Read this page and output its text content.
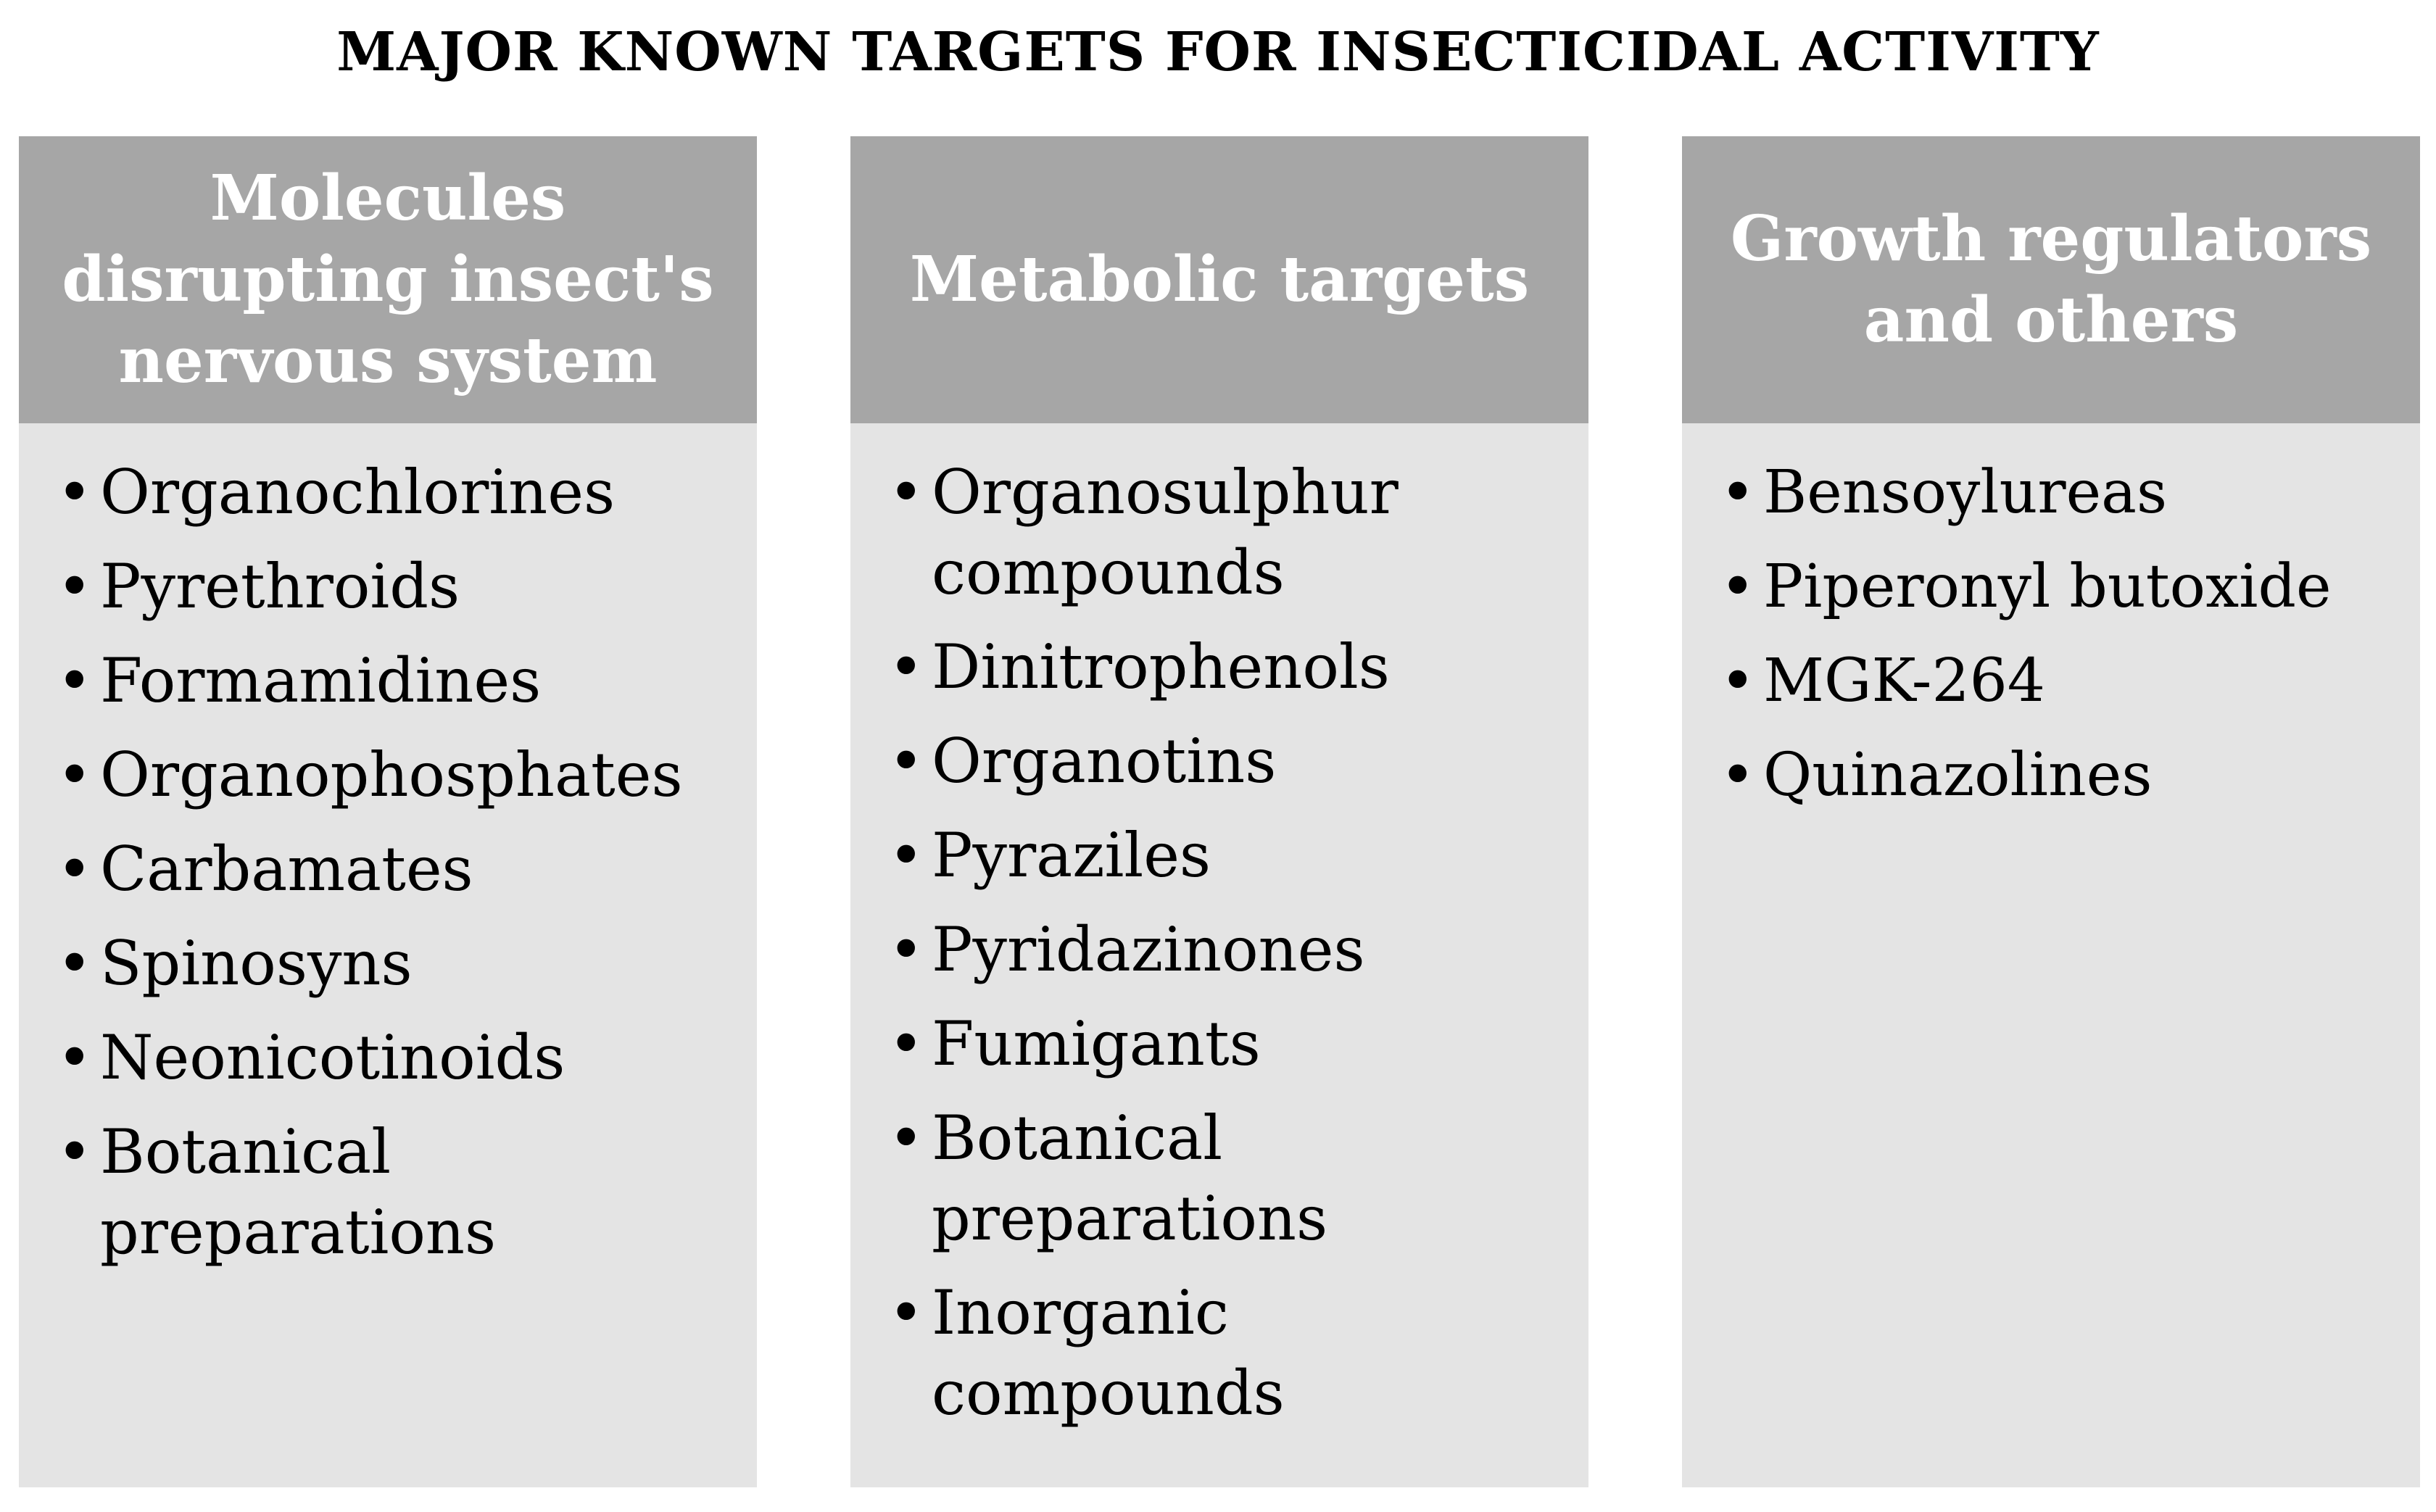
MAJOR KNOWN TARGETS FOR INSECTICIDAL ACTIVITY
Molecules disrupting insect's nervous system
• Organochlorines
• Pyrethroids
• Formamidines
• Organophosphates
• Carbamates
• Spinosyns
• Neonicotinoids
• Botanical preparations
Metabolic targets
• Organosulphur compounds
• Dinitrophenols
• Organotins
• Pyraziles
• Pyridazinones
• Fumigants
• Botanical preparations
• Inorganic compounds
Growth regulators and others
• Bensoylureas
• Piperonyl butoxide
• MGK-264
• Quinazolines
